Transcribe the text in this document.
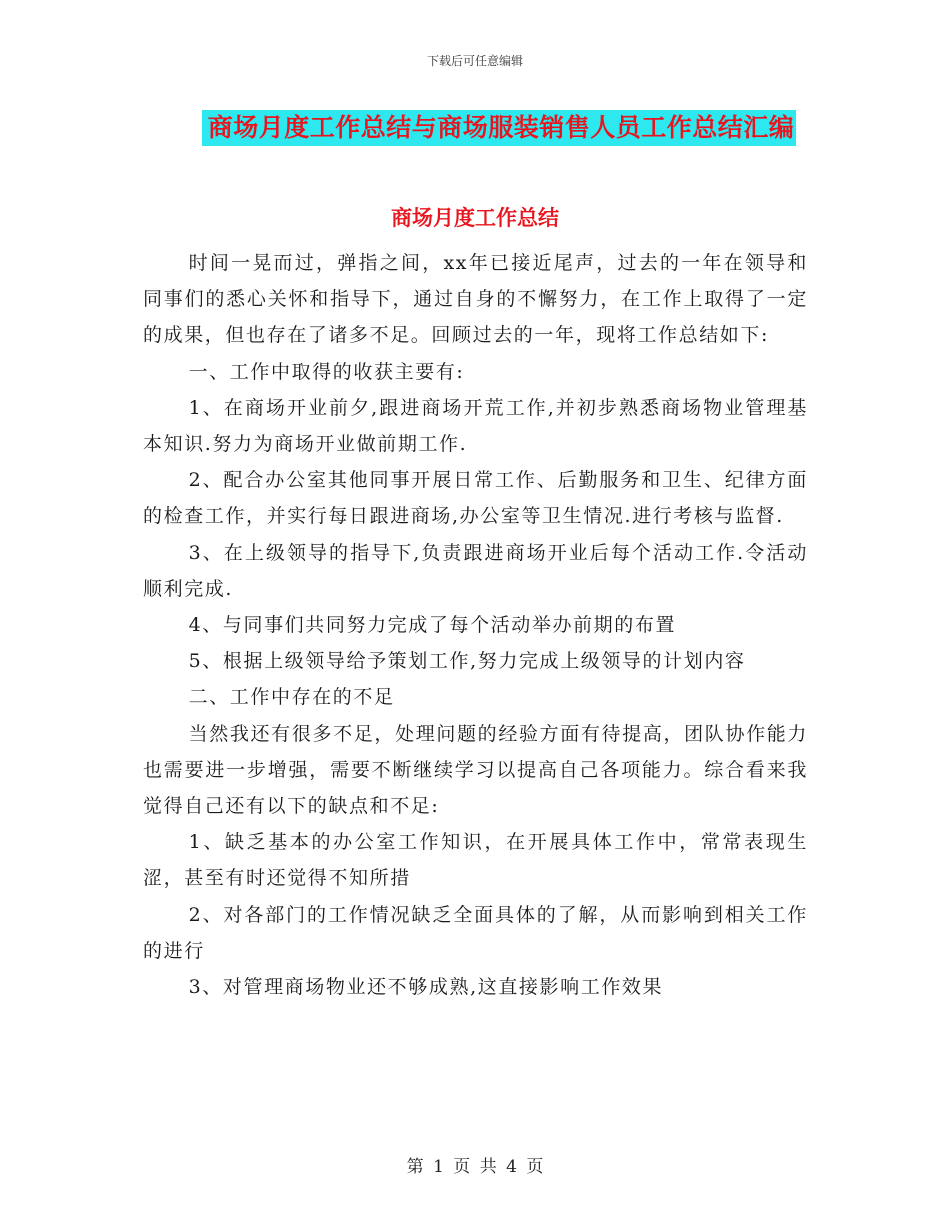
下载后可任意编辑
商场月度工作总结与商场服装销售人员工作总结汇编
商场月度工作总结

时间一晃而过，弹指之间，xx年已接近尾声，过去的一年在领导和同事们的悉心关怀和指导下，通过自身的不懈努力，在工作上取得了一定的成果，但也存在了诸多不足。回顾过去的一年，现将工作总结如下:

一、工作中取得的收获主要有:

1、在商场开业前夕,跟进商场开荒工作,并初步熟悉商场物业管理基本知识.努力为商场开业做前期工作.

2、配合办公室其他同事开展日常工作、后勤服务和卫生、纪律方面的检查工作，并实行每日跟进商场,办公室等卫生情况.进行考核与监督.

3、在上级领导的指导下,负责跟进商场开业后每个活动工作.令活动顺利完成.

4、与同事们共同努力完成了每个活动举办前期的布置

5、根据上级领导给予策划工作,努力完成上级领导的计划内容

二、工作中存在的不足

当然我还有很多不足，处理问题的经验方面有待提高，团队协作能力也需要进一步增强，需要不断继续学习以提高自己各项能力。综合看来我觉得自己还有以下的缺点和不足:

1、缺乏基本的办公室工作知识，在开展具体工作中，常常表现生涩，甚至有时还觉得不知所措

2、对各部门的工作情况缺乏全面具体的了解，从而影响到相关工作的进行

3、对管理商场物业还不够成熟,这直接影响工作效果

第 1 页 共 4 页
